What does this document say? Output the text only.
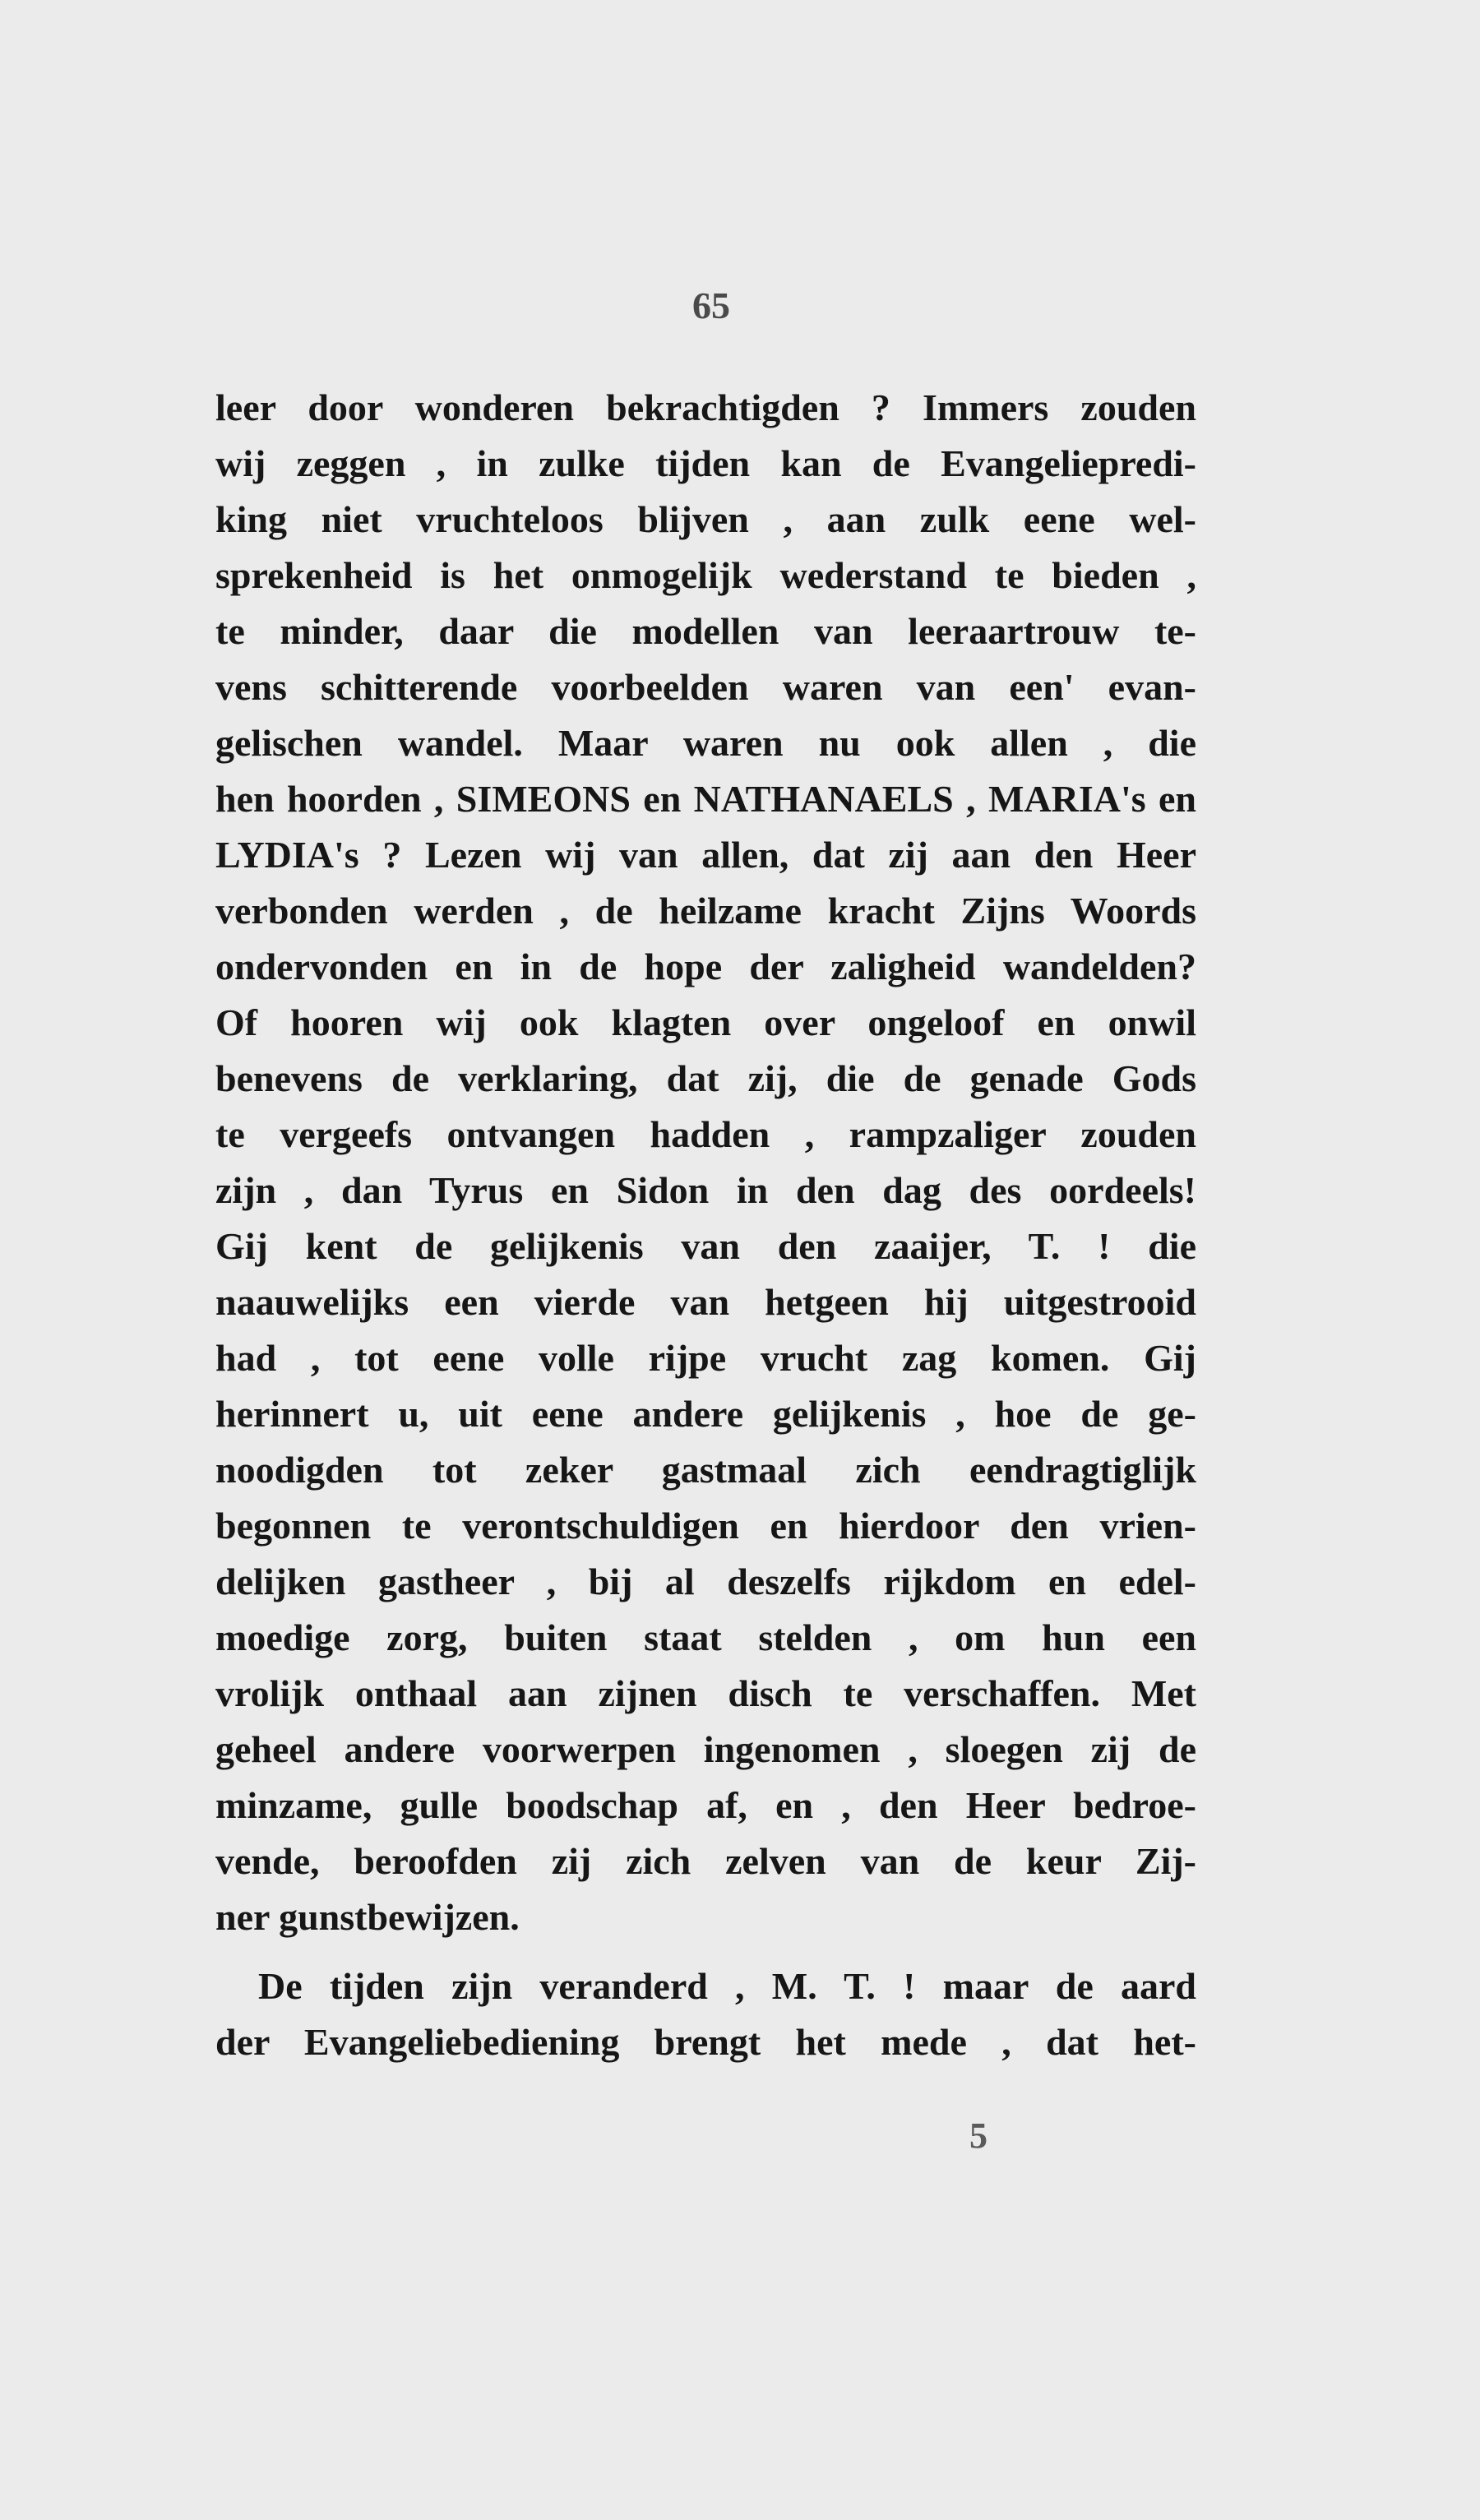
65
leer door wonderen bekrachtigden ? Immers zouden
wij zeggen , in zulke tijden kan de Evangeliepredi-
king niet vruchteloos blijven , aan zulk eene wel-
sprekenheid is het onmogelijk wederstand te bieden ,
te minder, daar die modellen van leeraartrouw te-
vens schitterende voorbeelden waren van een' evan-
gelischen wandel. Maar waren nu ook allen , die
hen hoorden , SIMEONS en NATHANAELS , MARIA's en
LYDIA's ? Lezen wij van allen, dat zij aan den Heer
verbonden werden , de heilzame kracht Zijns Woords
ondervonden en in de hope der zaligheid wandelden?
Of hooren wij ook klagten over ongeloof en onwil
benevens de verklaring, dat zij, die de genade Gods
te vergeefs ontvangen hadden , rampzaliger zouden
zijn , dan Tyrus en Sidon in den dag des oordeels!
Gij kent de gelijkenis van den zaaijer, T. ! die
naauwelijks een vierde van hetgeen hij uitgestrooid
had , tot eene volle rijpe vrucht zag komen. Gij
herinnert u, uit eene andere gelijkenis , hoe de ge-
noodigden tot zeker gastmaal zich eendragtiglijk
begonnen te verontschuldigen en hierdoor den vrien-
delijken gastheer , bij al deszelfs rijkdom en edel-
moedige zorg, buiten staat stelden , om hun een
vrolijk onthaal aan zijnen disch te verschaffen. Met
geheel andere voorwerpen ingenomen , sloegen zij de
minzame, gulle boodschap af, en , den Heer bedroe-
vende, beroofden zij zich zelven van de keur Zij-
ner gunstbewijzen.
De tijden zijn veranderd , M. T. ! maar de aard
der Evangeliebediening brengt het mede , dat het-
5
